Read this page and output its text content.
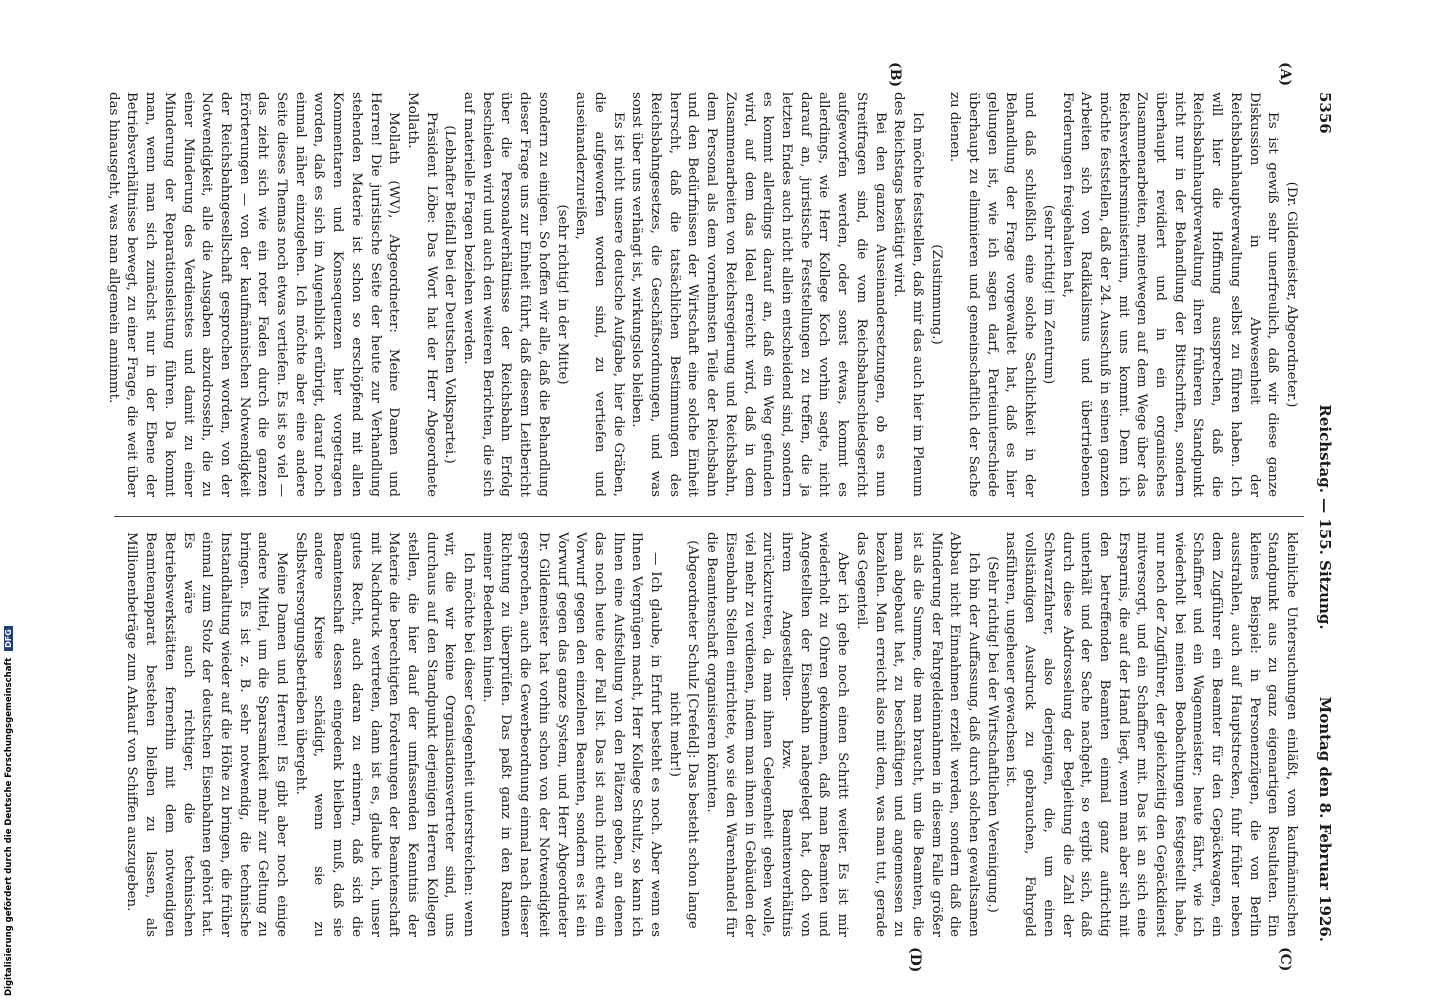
5356
Reichstag. — 155. Sitzung.
Montag den 8. Februar 1926.
(A)
(B)
(C)
(D)

(Dr. Gildemeister, Abgeordneter.)

Es ist gewiß sehr unerfreulich, daß wir diese ganze Diskussion in Abwesenheit der Reichsbahnhauptverwaltung selbst zu führen haben. Ich will hier die Hoffnung aussprechen, daß die Reichsbahnhauptverwaltung ihren früheren Standpunkt nicht nur in der Behandlung der Bittschriften, sondern überhaupt revidiert und in ein organisches Zusammenarbeiten, meinetwegen auf dem Wege über das Reichsverkehrsministerium, mit uns kommt. Denn ich möchte feststellen, daß der 24. Ausschuß in seinen ganzen Arbeiten sich von Radikalismus und übertriebenen Forderungen freigehalten hat,

(sehr richtig! im Zentrum)

und daß schließlich eine solche Sachlichkeit in der Behandlung der Frage vorgewaltet hat, daß es hier gelungen ist, wie ich sagen darf, Parteiunterschiede überhaupt zu eliminieren und gemeinschaftlich der Sache zu dienen.

(Zustimmung.)

Ich möchte feststellen, daß mir das auch hier im Plenum des Reichstags bestätigt wird.

Bei den ganzen Auseinandersetzungen, ob es nun Streitfragen sind, die vom Reichsbahnschiedsgericht aufgeworfen werden, oder sonst etwas, kommt es allerdings, wie Herr Kollege Koch vorhin sagte, nicht darauf an, juristische Feststellungen zu treffen, die ja letzten Endes auch nicht allein entscheidend sind, sondern es kommt allerdings darauf an, daß ein Weg gefunden wird, auf dem das Ideal erreicht wird, daß in dem Zusammenarbeiten von Reichsregierung und Reichsbahn, dem Personal als dem vornehmsten Teile der Reichsbahn und den Bedürfnissen der Wirtschaft eine solche Einheit herrscht, daß die tatsächlichen Bestimmungen des Reichsbahngesetzes, die Geschäftsordnungen, und was sonst über uns verhängt ist, wirkungslos bleiben.

Es ist nicht unsere deutsche Aufgabe, hier die Gräben, die aufgeworfen worden sind, zu vertiefen und auseinanderzureißen,

(sehr richtig! in der Mitte)

sondern zu einigen. So hoffen wir alle, daß die Behandlung dieser Frage uns zur Einheit führt, daß diesem Leitbericht über die Personalverhältnisse der Reichsbahn Erfolg beschieden wird und auch den weiteren Berichten, die sich auf materielle Fragen beziehen werden.

(Lebhafter Beifall bei der Deutschen Volkspartei.)

Präsident Löbe: Das Wort hat der Herr Abgeordnete Mollath.

Mollath (WV), Abgeordneter: Meine Damen und Herren! Die juristische Seite der heute zur Verhandlung stehenden Materie ist schon so erschöpfend mit allen Kommentaren und Konsequenzen hier vorgetragen worden, daß es sich im Augenblick erübrigt, darauf noch einmal näher einzugehen. Ich möchte aber eine andere Seite dieses Themas noch etwas vertiefen. Es ist so viel — das zieht sich wie ein roter Faden durch die ganzen Erörterungen — von der kaufmännischen Notwendigkeit der Reichsbahngesellschaft gesprochen worden, von der Notwendigkeit, alle die Ausgaben abzudrosseln, die zu einer Minderung des Verdienstes und damit zu einer Minderung der Reparationsleistung führen. Da kommt man, wenn man sich zunächst nur in der Ebene der Betriebsverhältnisse bewegt, zu einer Frage, die weit über das hinausgeht, was man allgemein annimmt.

kleinliche Untersuchungen einläßt, vom kaufmännischen Standpunkt aus zu ganz eigenartigen Resultaten. Ein kleines Beispiel: in Personenzügen, die von Berlin ausstrahlen, auch auf Hauptstrecken, fuhr früher neben dem Zugführer ein Beamter für den Gepäckwagen, ein Schaffner und ein Wagenmeister; heute fährt, wie ich wiederholt bei meinen Beobachtungen festgestellt habe, nur noch der Zugführer, der gleichzeitig den Gepäckdienst mitversorgt, und ein Schaffner mit. Das ist an sich eine Ersparnis, die auf der Hand liegt, wenn man aber sich mit den betreffenden Beamten einmal ganz aufrichtig unterhält und der Sache nachgeht, so ergibt sich, daß durch diese Abdrosselung der Begleitung die Zahl der Schwarzfahrer, also derjenigen, die, um einen vollständigen Ausdruck zu gebrauchen, Fahrgeld nasführen, ungeheuer gewachsen ist.

(Sehr richtig! bei der Wirtschaftlichen Vereinigung.)

Ich bin der Auffassung, daß durch solchen gewaltsamen Abbau nicht Einnahmen erzielt werden, sondern daß die Minderung der Fahrgeldeinnahmen in diesem Falle größer ist als die Summe, die man braucht, um die Beamten, die man abgebaut hat, zu beschäftigen und angemessen zu bezahlen. Man erreicht also mit dem, was man tut, gerade das Gegenteil.

Aber ich gehe noch einen Schritt weiter. Es ist mir wiederholt zu Ohren gekommen, daß man Beamten und Angestellten der Eisenbahn nahegelegt hat, doch von ihrem Angestellten- bzw. Beamtenverhältnis zurückzutreten, da man ihnen Gelegenheit geben wolle, viel mehr zu verdienen, indem man ihnen in Gebäuden der Eisenbahn Stellen einrichtete, wo sie den Warenhandel für die Beamtenschaft organisieren könnten.

(Abgeordneter Schulz [Crefeld]: Das besteht schon lange nicht mehr!)

— Ich glaube, in Erfurt besteht es noch. Aber wenn es Ihnen Vergnügen macht, Herr Kollege Schultz, so kann ich Ihnen eine Aufstellung von den Plätzen geben, an denen das noch heute der Fall ist. Das ist auch nicht etwa ein Vorwurf gegen den einzelnen Beamten, sondern es ist ein Vorwurf gegen das ganze System, und Herr Abgeordneter Dr. Gildemeister hat vorhin schon von der Notwendigkeit gesprochen, auch die Gewerbeordnung einmal nach dieser Richtung zu überprüfen. Das paßt ganz in den Rahmen meiner Bedenken hinein.

Ich möchte bei dieser Gelegenheit unterstreichen: wenn wir, die wir keine Organisationsvertreter sind, uns durchaus auf den Standpunkt derjenigen Herren Kollegen stellen, die hier dauf der umfassenden Kenntnis der Materie die berechtigten Forderungen der Beamtenschaft mit Nachdruck vertreten, dann ist es, glaube ich, unser gutes Recht, auch daran zu erinnern, daß sich die Beamtenschaft dessen eingedenk bleiben muß, daß sie andere Kreise schädigt, wenn sie zu Selbstversorgungsbetrieben übergeht.

Meine Damen und Herren! Es gibt aber noch einige andere Mittel, um die Sparsamkeit mehr zur Geltung zu bringen. Es ist z. B. sehr notwendig, die technische Instandhaltung wieder auf die Höhe zu bringen, die früher einmal zum Stolz der deutschen Eisenbahnen gehört hat. Es wäre auch richtiger, die technischen Betriebswerkstätten fernerhin mit dem notwendigen Beamtenapparat bestehen bleiben zu lassen, als Millionenbeträge zum Ankauf von Schiffen auszugeben.

Digitalisierung gefördert durch die Deutsche Forschungsgemeinschaft DFG
